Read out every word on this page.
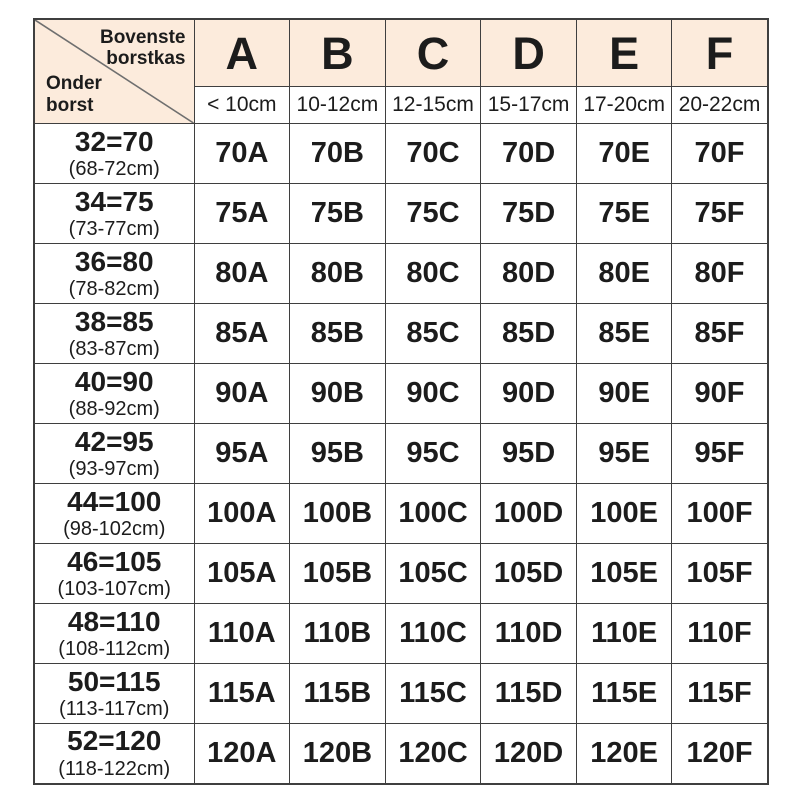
Bovenste borstkas
Onder borst	A	B	C	D	E	F
	< 10cm	10-12cm	12-15cm	15-17cm	17-20cm	20-22cm

32=70
(68-72cm)	70A	70B	70C	70D	70E	70F

34=75
(73-77cm)	75A	75B	75C	75D	75E	75F

36=80
(78-82cm)	80A	80B	80C	80D	80E	80F

38=85
(83-87cm)	85A	85B	85C	85D	85E	85F

40=90
(88-92cm)	90A	90B	90C	90D	90E	90F

42=95
(93-97cm)	95A	95B	95C	95D	95E	95F

44=100
(98-102cm)	100A	100B	100C	100D	100E	100F

46=105
(103-107cm)	105A	105B	105C	105D	105E	105F

48=110
(108-112cm)	110A	110B	110C	110D	110E	110F

50=115
(113-117cm)	115A	115B	115C	115D	115E	115F

52=120
(118-122cm)	120A	120B	120C	120D	120E	120F
